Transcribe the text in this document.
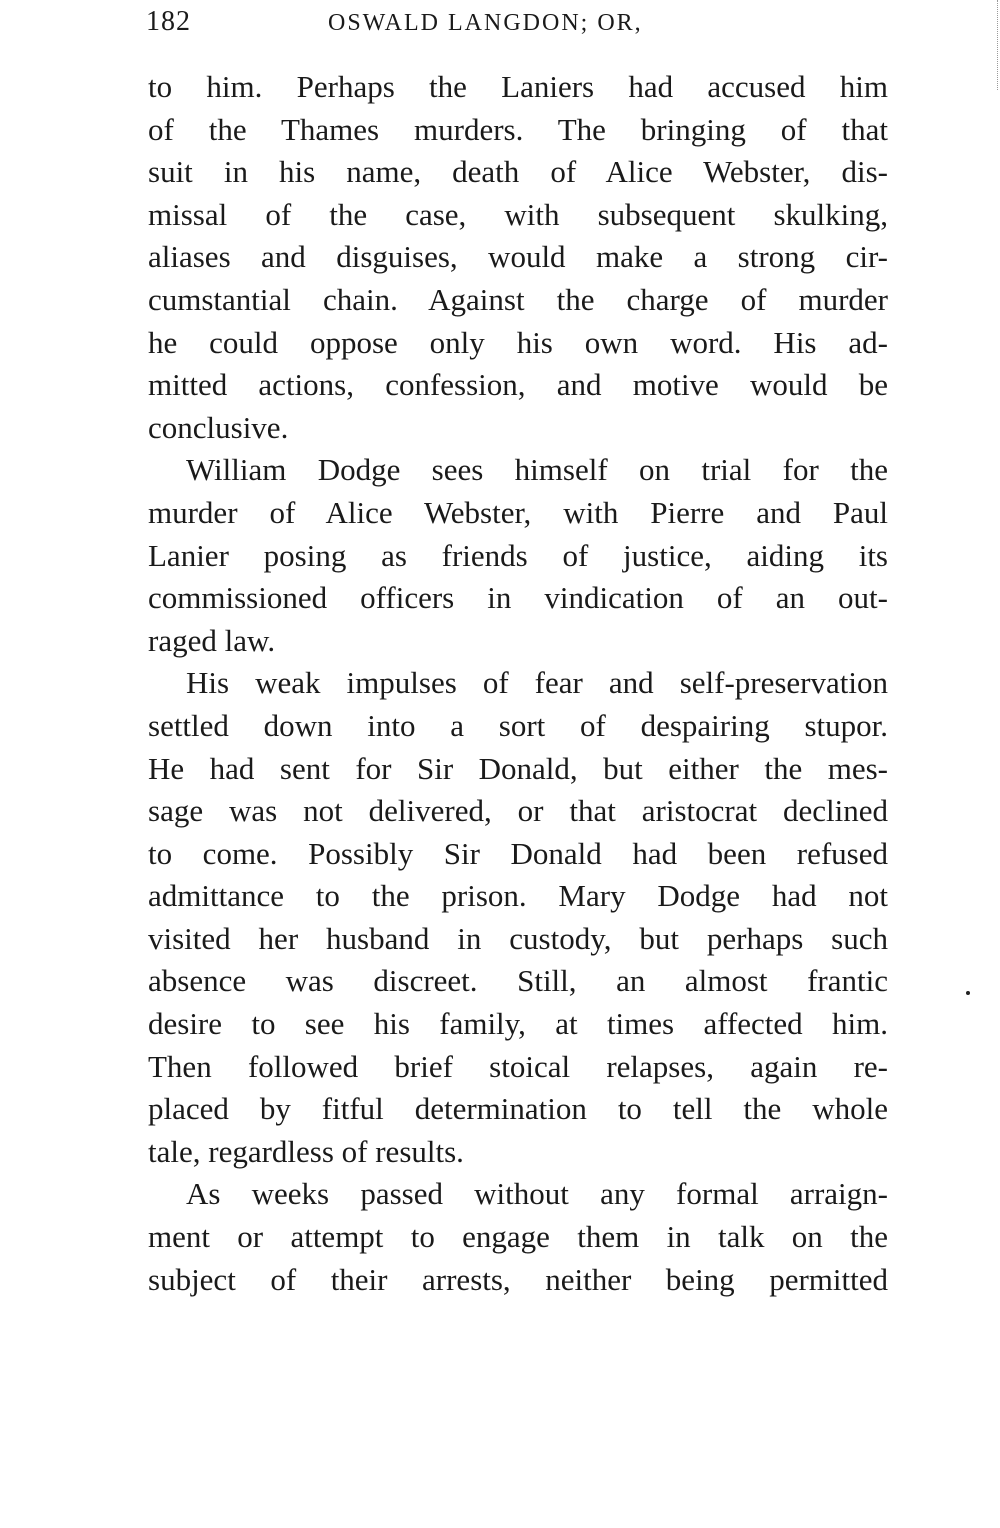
182	OSWALD LANGDON; OR,
to him. Perhaps the Laniers had accused him
of the Thames murders. The bringing of that
suit in his name, death of Alice Webster, dis-
missal of the case, with subsequent skulking,
aliases and disguises, would make a strong cir-
cumstantial chain. Against the charge of murder
he could oppose only his own word. His ad-
mitted actions, confession, and motive would be
conclusive.
William Dodge sees himself on trial for the
murder of Alice Webster, with Pierre and Paul
Lanier posing as friends of justice, aiding its
commissioned officers in vindication of an out-
raged law.
His weak impulses of fear and self-preservation
settled down into a sort of despairing stupor.
He had sent for Sir Donald, but either the mes-
sage was not delivered, or that aristocrat declined
to come. Possibly Sir Donald had been refused
admittance to the prison. Mary Dodge had not
visited her husband in custody, but perhaps such
absence was discreet. Still, an almost frantic
desire to see his family, at times affected him.
Then followed brief stoical relapses, again re-
placed by fitful determination to tell the whole
tale, regardless of results.
As weeks passed without any formal arraign-
ment or attempt to engage them in talk on the
subject of their arrests, neither being permitted
